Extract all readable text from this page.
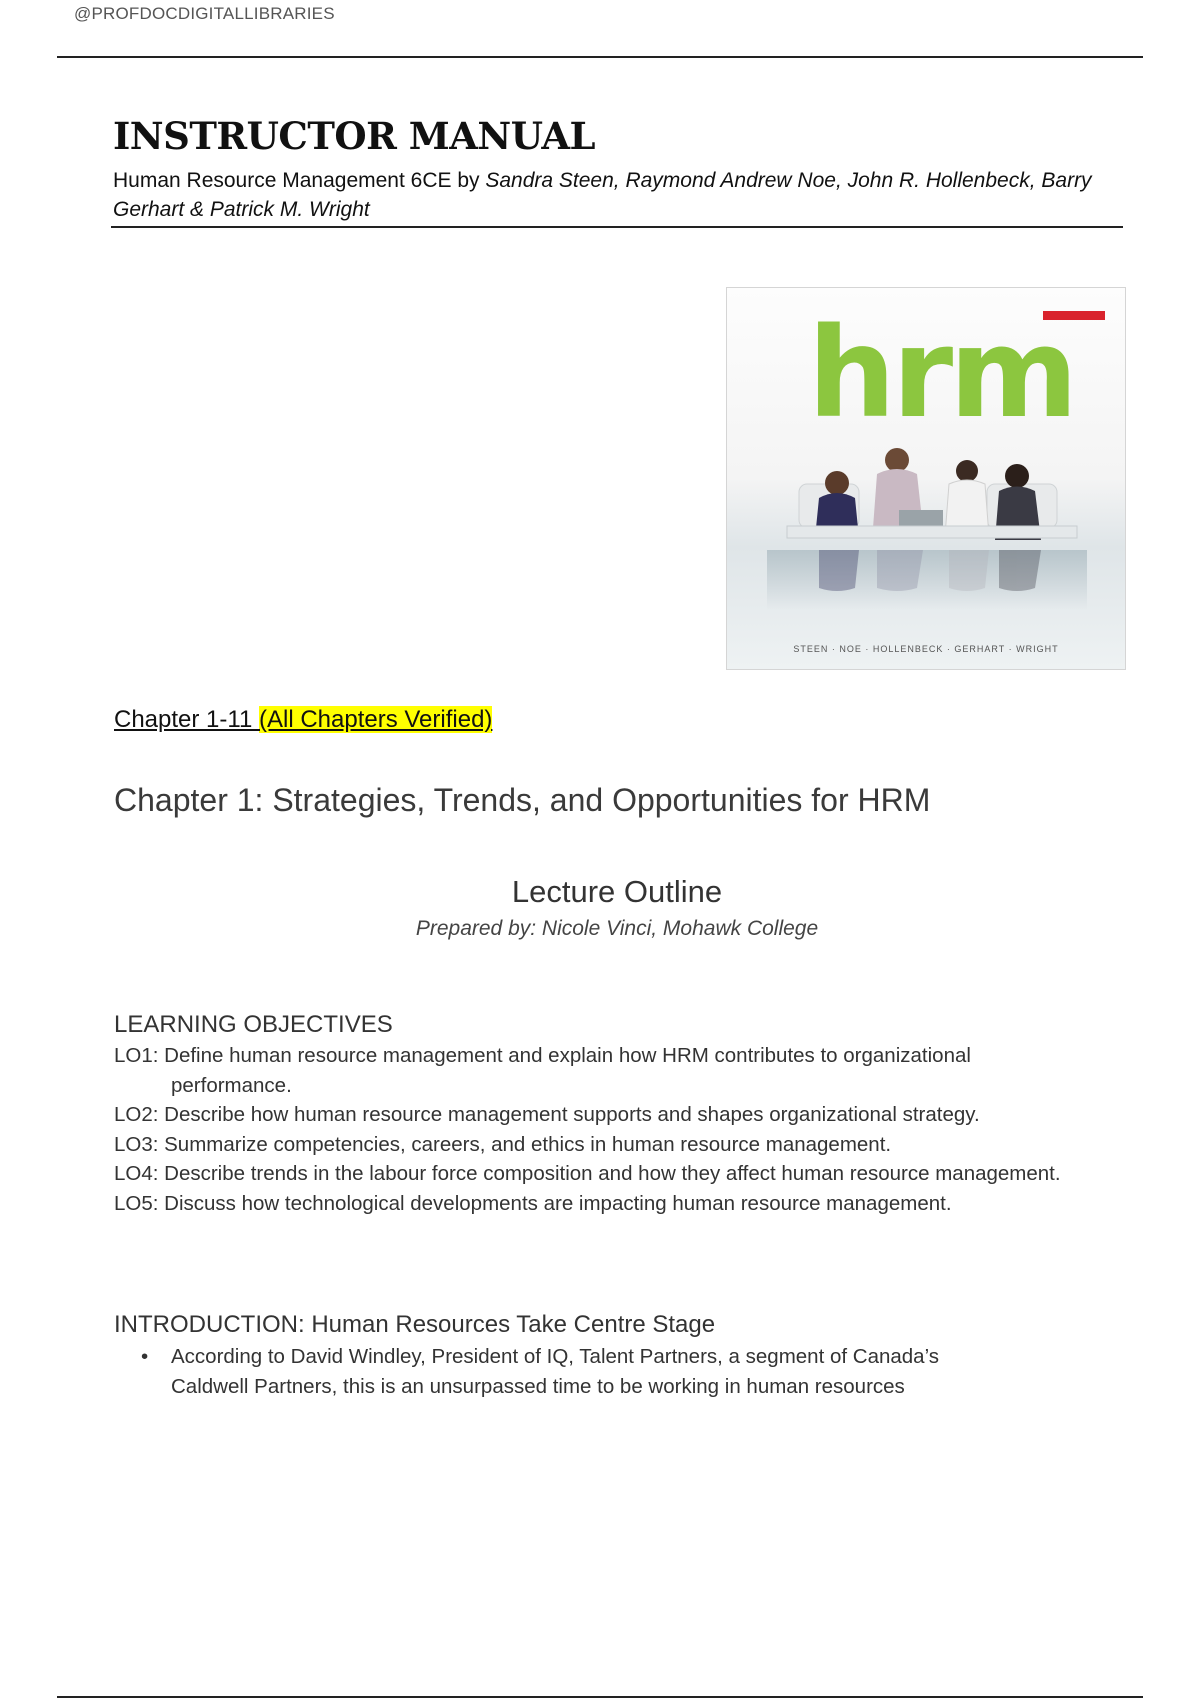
@PROFDOCDIGITALLIBRARIES
INSTRUCTOR MANUAL
Human Resource Management 6CE by Sandra Steen, Raymond Andrew Noe, John R. Hollenbeck, Barry Gerhart & Patrick M. Wright
hrm
STEEN · NOE · HOLLENBECK · GERHART · WRIGHT
Chapter 1-11 (All Chapters Verified)
Chapter 1: Strategies, Trends, and Opportunities for HRM
Lecture Outline
Prepared by: Nicole Vinci, Mohawk College
LEARNING OBJECTIVES
LO1: Define human resource management and explain how HRM contributes to organizational performance.
LO2: Describe how human resource management supports and shapes organizational strategy.
LO3: Summarize competencies, careers, and ethics in human resource management.
LO4: Describe trends in the labour force composition and how they affect human resource management.
LO5: Discuss how technological developments are impacting human resource management.
INTRODUCTION: Human Resources Take Centre Stage
• According to David Windley, President of IQ, Talent Partners, a segment of Canada’s Caldwell Partners, this is an unsurpassed time to be working in human resources
